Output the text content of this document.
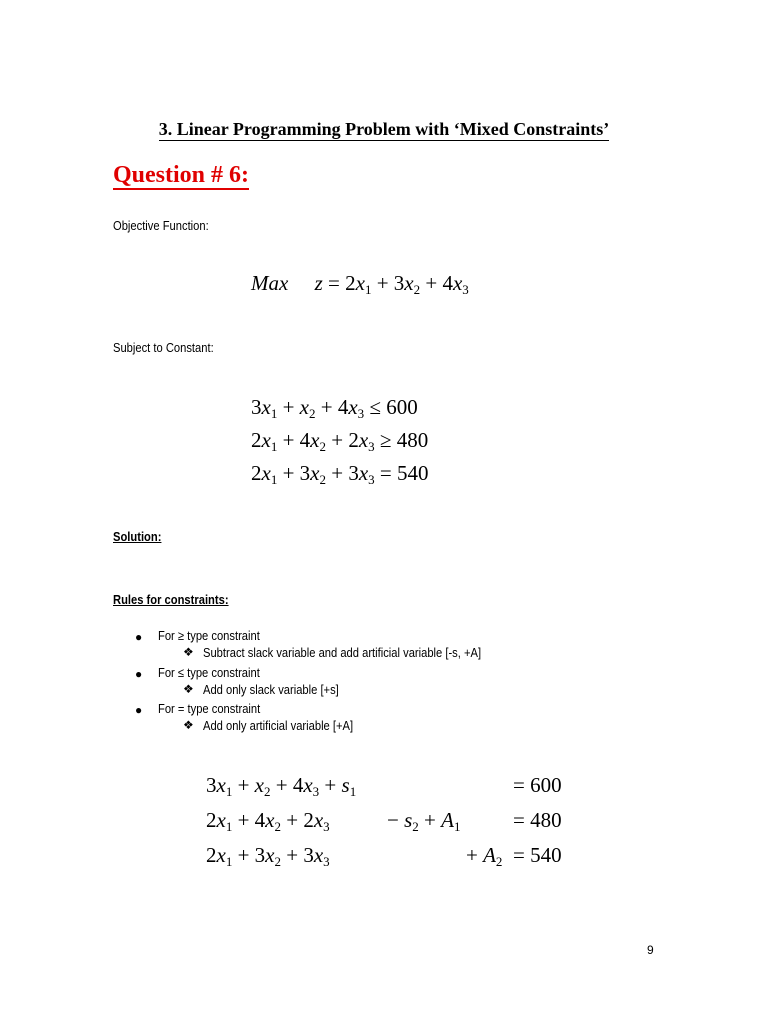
3. Linear Programming Problem with ‘Mixed Constraints’
Question # 6:
Objective Function:
Max $z = 2x_1 + 3x_2 + 4x_3$
Subject to Constant:
$3x_1 + x_2 + 4x_3 \le 600$
$2x_1 + 4x_2 + 2x_3 \ge 480$
$2x_1 + 3x_2 + 3x_3 = 540$
Solution:
Rules for constraints:
● For ≥ type constraint
❖ Subtract slack variable and add artificial variable [-s, +A]
● For ≤ type constraint
❖ Add only slack variable [+s]
● For = type constraint
❖ Add only artificial variable [+A]
$3x_1 + x_2 + 4x_3 + s_1$	= 600
$2x_1 + 4x_2 + 2x_3$	− $s_2 + A_1$	= 480
$2x_1 + 3x_2 + 3x_3$	+ $A_2 = 540$
9
